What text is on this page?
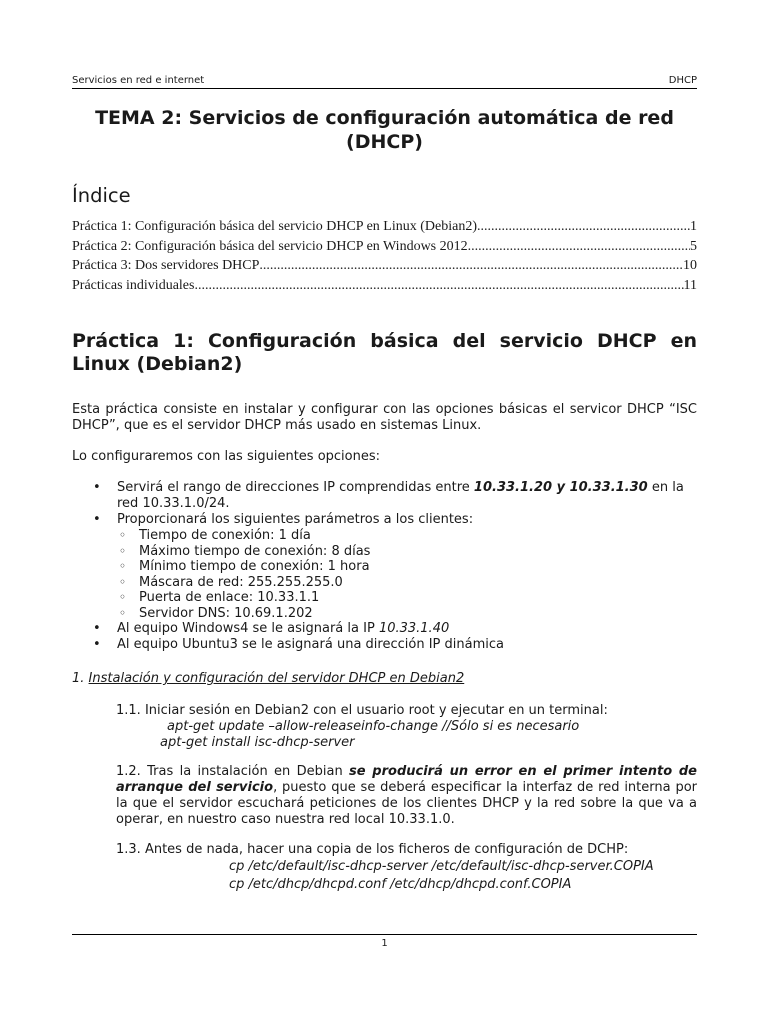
Servicios en red e internet	DHCP
TEMA 2: Servicios de configuración automática de red
(DHCP)
Índice
Práctica 1: Configuración básica del servicio DHCP en Linux (Debian2) .....	1
Práctica 2: Configuración básica del servicio DHCP en Windows 2012 .....	5
Práctica 3: Dos servidores DHCP .....	10
Prácticas individuales .....	11
Práctica 1: Configuración básica del servicio DHCP en Linux (Debian2)
Esta práctica consiste en instalar y configurar con las opciones básicas el servicor DHCP “ISC DHCP”, que es el servidor DHCP más usado en sistemas Linux.
Lo configuraremos con las siguientes opciones:
• Servirá el rango de direcciones IP comprendidas entre 10.33.1.20 y 10.33.1.30 en la red 10.33.1.0/24.
• Proporcionará los siguientes parámetros a los clientes:
◦ Tiempo de conexión: 1 día
◦ Máximo tiempo de conexión: 8 días
◦ Mínimo tiempo de conexión: 1 hora
◦ Máscara de red: 255.255.255.0
◦ Puerta de enlace: 10.33.1.1
◦ Servidor DNS: 10.69.1.202
• Al equipo Windows4 se le asignará la IP 10.33.1.40
• Al equipo Ubuntu3 se le asignará una dirección IP dinámica
1. Instalación y configuración del servidor DHCP en Debian2
1.1. Iniciar sesión en Debian2 con el usuario root y ejecutar en un terminal:
apt-get update –allow-releaseinfo-change //Sólo si es necesario
apt-get install isc-dhcp-server
1.2. Tras la instalación en Debian se producirá un error en el primer intento de arranque del servicio, puesto que se deberá especificar la interfaz de red interna por la que el servidor escuchará peticiones de los clientes DHCP y la red sobre la que va a operar, en nuestro caso nuestra red local 10.33.1.0.
1.3. Antes de nada, hacer una copia de los ficheros de configuración de DCHP:
cp /etc/default/isc-dhcp-server /etc/default/isc-dhcp-server.COPIA
cp /etc/dhcp/dhcpd.conf /etc/dhcp/dhcpd.conf.COPIA
1
